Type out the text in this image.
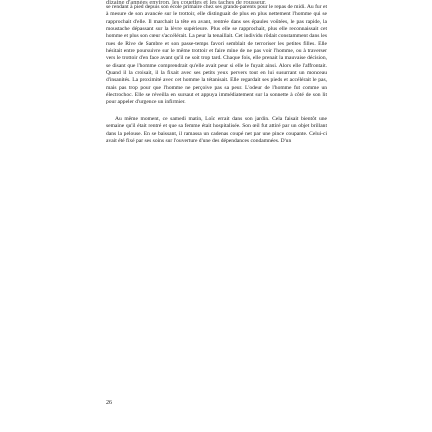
dizaine d'années environ, les couettes et les taches de rousseur,

se rendant à pied depuis son école primaire chez ses grands-parents pour le repas de midi. Au fur et à mesure de son avancée sur le trottoir, elle distinguait de plus en plus nettement l'homme qui se rapprochait d'elle. Il marchait la tête en avant, rentrée dans ses épaules voûtées, le pas rapide, la moustache dépassant sur la lèvre supérieure. Plus elle se rapprochait, plus elle reconnaissait cet homme et plus son cœur s'accélérait. La peur la tenaillait. Cet individu rôdait constamment dans les rues de Rive de Sambre et son passe-temps favori semblait de terroriser les petites filles. Elle hésitait entre poursuivre sur le même trottoir et faire mine de ne pas voir l'homme, ou à traverser vers le trottoir d'en face avant qu'il ne soit trop tard. Chaque fois, elle prenait la mauvaise décision, se disant que l'homme comprendrait qu'elle avait peur si elle le fuyait ainsi. Alors elle l'affrontait. Quand il la croisait, il la fixait avec ses petits yeux pervers tout en lui susurrant un monceau d'insanités. La proximité avec cet homme la tétanisait. Elle regardait ses pieds et accélérait le pas, mais pas trop pour que l'homme ne perçoive pas sa peur. L'odeur de l'homme fut comme un électrochoc. Elle se réveilla en sursaut et appuya immédiatement sur la sonnette à côté de son lit pour appeler d'urgence un infirmier.

Au même moment, ce samedi matin, Loïc errait dans son jardin. Cela faisait bientôt une semaine qu'il était rentré et que sa femme était hospitalisée. Son œil fut attiré par un objet brillant dans la pelouse. En se baissant, il ramassa un cadenas coupé net par une pince coupante. Celui-ci avait été fixé par ses soins sur l'ouverture d'une des dépendances condamnées. D'un

26
